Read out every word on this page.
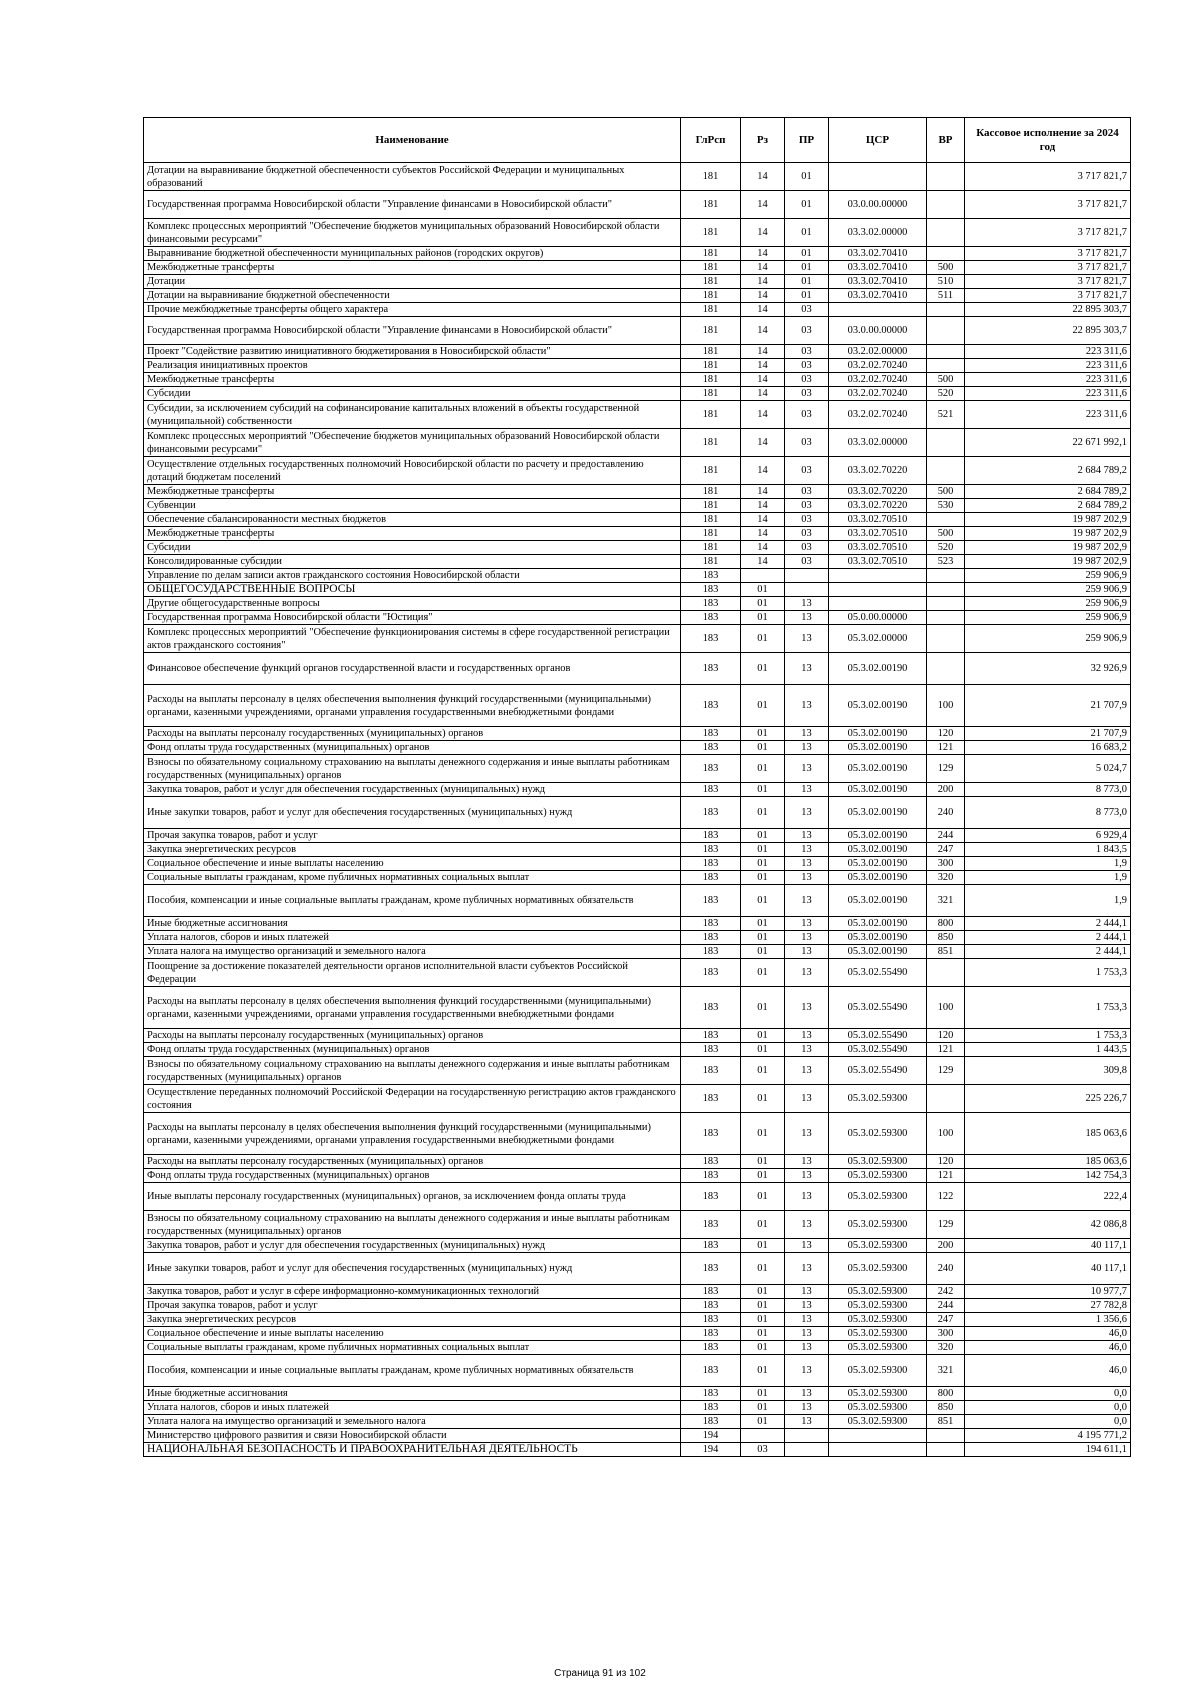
Наименование	ГлРсп	Рз	ПР	ЦСР	ВР	Кассовое исполнение за 2024 год
Дотации на выравнивание бюджетной обеспеченности субъектов Российской Федерации и муниципальных образований	181	14	01			3 717 821,7
Государственная программа Новосибирской области "Управление финансами в Новосибирской области"	181	14	01	03.0.00.00000		3 717 821,7
Комплекс процессных мероприятий "Обеспечение бюджетов муниципальных образований Новосибирской области финансовыми ресурсами"	181	14	01	03.3.02.00000		3 717 821,7
Выравнивание бюджетной обеспеченности муниципальных районов (городских округов)	181	14	01	03.3.02.70410		3 717 821,7
Межбюджетные трансферты	181	14	01	03.3.02.70410	500	3 717 821,7
Дотации	181	14	01	03.3.02.70410	510	3 717 821,7
Дотации на выравнивание бюджетной обеспеченности	181	14	01	03.3.02.70410	511	3 717 821,7
Прочие межбюджетные трансферты общего характера	181	14	03			22 895 303,7
Государственная программа Новосибирской области "Управление финансами в Новосибирской области"	181	14	03	03.0.00.00000		22 895 303,7
Проект "Содействие развитию инициативного бюджетирования в Новосибирской области"	181	14	03	03.2.02.00000		223 311,6
Реализация инициативных проектов	181	14	03	03.2.02.70240		223 311,6
Межбюджетные трансферты	181	14	03	03.2.02.70240	500	223 311,6
Субсидии	181	14	03	03.2.02.70240	520	223 311,6
Субсидии, за исключением субсидий на софинансирование капитальных вложений в объекты государственной (муниципальной) собственности	181	14	03	03.2.02.70240	521	223 311,6
Комплекс процессных мероприятий "Обеспечение бюджетов муниципальных образований Новосибирской области финансовыми ресурсами"	181	14	03	03.3.02.00000		22 671 992,1
Осуществление отдельных государственных полномочий Новосибирской области по расчету и предоставлению дотаций бюджетам поселений	181	14	03	03.3.02.70220		2 684 789,2
Межбюджетные трансферты	181	14	03	03.3.02.70220	500	2 684 789,2
Субвенции	181	14	03	03.3.02.70220	530	2 684 789,2
Обеспечение сбалансированности местных бюджетов	181	14	03	03.3.02.70510		19 987 202,9
Межбюджетные трансферты	181	14	03	03.3.02.70510	500	19 987 202,9
Субсидии	181	14	03	03.3.02.70510	520	19 987 202,9
Консолидированные субсидии	181	14	03	03.3.02.70510	523	19 987 202,9
Управление по делам записи актов гражданского состояния Новосибирской области	183					259 906,9
ОБЩЕГОСУДАРСТВЕННЫЕ ВОПРОСЫ	183	01				259 906,9
Другие общегосударственные вопросы	183	01	13			259 906,9
Государственная программа Новосибирской области "Юстиция"	183	01	13	05.0.00.00000		259 906,9
Комплекс процессных мероприятий "Обеспечение функционирования системы в сфере государственной регистрации актов гражданского состояния"	183	01	13	05.3.02.00000		259 906,9
Финансовое обеспечение функций органов государственной власти и государственных органов	183	01	13	05.3.02.00190		32 926,9
Расходы на выплаты персоналу в целях обеспечения выполнения функций государственными (муниципальными) органами, казенными учреждениями, органами управления государственными внебюджетными фондами	183	01	13	05.3.02.00190	100	21 707,9
Расходы на выплаты персоналу государственных (муниципальных) органов	183	01	13	05.3.02.00190	120	21 707,9
Фонд оплаты труда государственных (муниципальных) органов	183	01	13	05.3.02.00190	121	16 683,2
Взносы по обязательному социальному страхованию на выплаты денежного содержания и иные выплаты работникам государственных (муниципальных) органов	183	01	13	05.3.02.00190	129	5 024,7
Закупка товаров, работ и услуг для обеспечения государственных (муниципальных) нужд	183	01	13	05.3.02.00190	200	8 773,0
Иные закупки товаров, работ и услуг для обеспечения государственных (муниципальных) нужд	183	01	13	05.3.02.00190	240	8 773,0
Прочая закупка товаров, работ и услуг	183	01	13	05.3.02.00190	244	6 929,4
Закупка энергетических ресурсов	183	01	13	05.3.02.00190	247	1 843,5
Социальное обеспечение и иные выплаты населению	183	01	13	05.3.02.00190	300	1,9
Социальные выплаты гражданам, кроме публичных нормативных социальных выплат	183	01	13	05.3.02.00190	320	1,9
Пособия, компенсации и иные социальные выплаты гражданам, кроме публичных нормативных обязательств	183	01	13	05.3.02.00190	321	1,9
Иные бюджетные ассигнования	183	01	13	05.3.02.00190	800	2 444,1
Уплата налогов, сборов и иных платежей	183	01	13	05.3.02.00190	850	2 444,1
Уплата налога на имущество организаций и земельного налога	183	01	13	05.3.02.00190	851	2 444,1
Поощрение за достижение показателей деятельности органов исполнительной власти субъектов Российской Федерации	183	01	13	05.3.02.55490		1 753,3
Расходы на выплаты персоналу в целях обеспечения выполнения функций государственными (муниципальными) органами, казенными учреждениями, органами управления государственными внебюджетными фондами	183	01	13	05.3.02.55490	100	1 753,3
Расходы на выплаты персоналу государственных (муниципальных) органов	183	01	13	05.3.02.55490	120	1 753,3
Фонд оплаты труда государственных (муниципальных) органов	183	01	13	05.3.02.55490	121	1 443,5
Взносы по обязательному социальному страхованию на выплаты денежного содержания и иные выплаты работникам государственных (муниципальных) органов	183	01	13	05.3.02.55490	129	309,8
Осуществление переданных полномочий Российской Федерации на государственную регистрацию актов гражданского состояния	183	01	13	05.3.02.59300		225 226,7
Расходы на выплаты персоналу в целях обеспечения выполнения функций государственными (муниципальными) органами, казенными учреждениями, органами управления государственными внебюджетными фондами	183	01	13	05.3.02.59300	100	185 063,6
Расходы на выплаты персоналу государственных (муниципальных) органов	183	01	13	05.3.02.59300	120	185 063,6
Фонд оплаты труда государственных (муниципальных) органов	183	01	13	05.3.02.59300	121	142 754,3
Иные выплаты персоналу государственных (муниципальных) органов, за исключением фонда оплаты труда	183	01	13	05.3.02.59300	122	222,4
Взносы по обязательному социальному страхованию на выплаты денежного содержания и иные выплаты работникам государственных (муниципальных) органов	183	01	13	05.3.02.59300	129	42 086,8
Закупка товаров, работ и услуг для обеспечения государственных (муниципальных) нужд	183	01	13	05.3.02.59300	200	40 117,1
Иные закупки товаров, работ и услуг для обеспечения государственных (муниципальных) нужд	183	01	13	05.3.02.59300	240	40 117,1
Закупка товаров, работ и услуг в сфере информационно-коммуникационных технологий	183	01	13	05.3.02.59300	242	10 977,7
Прочая закупка товаров, работ и услуг	183	01	13	05.3.02.59300	244	27 782,8
Закупка энергетических ресурсов	183	01	13	05.3.02.59300	247	1 356,6
Социальное обеспечение и иные выплаты населению	183	01	13	05.3.02.59300	300	46,0
Социальные выплаты гражданам, кроме публичных нормативных социальных выплат	183	01	13	05.3.02.59300	320	46,0
Пособия, компенсации и иные социальные выплаты гражданам, кроме публичных нормативных обязательств	183	01	13	05.3.02.59300	321	46,0
Иные бюджетные ассигнования	183	01	13	05.3.02.59300	800	0,0
Уплата налогов, сборов и иных платежей	183	01	13	05.3.02.59300	850	0,0
Уплата налога на имущество организаций и земельного налога	183	01	13	05.3.02.59300	851	0,0
Министерство цифрового развития и связи Новосибирской области	194					4 195 771,2
НАЦИОНАЛЬНАЯ БЕЗОПАСНОСТЬ И ПРАВООХРАНИТЕЛЬНАЯ ДЕЯТЕЛЬНОСТЬ	194	03				194 611,1
Страница 91 из 102
